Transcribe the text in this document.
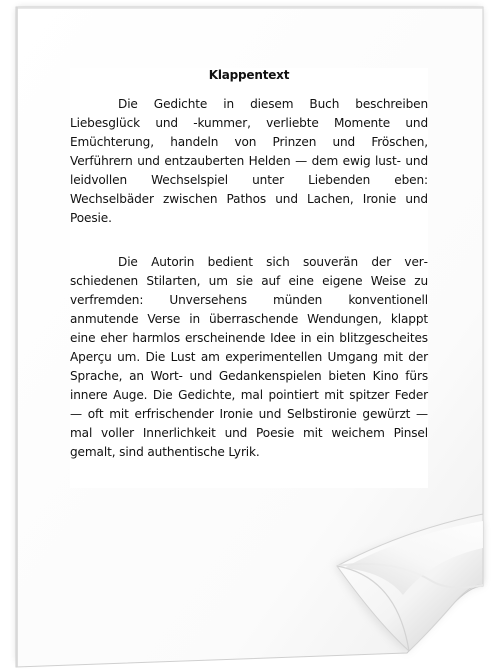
Klappentext

Die Gedichte in diesem Buch beschreiben Liebesglück und -kummer, verliebte Momente und Emüchterung, handeln von Prinzen und Fröschen, Verführern und entzauberten Helden — dem ewig lust- und leidvollen Wechselspiel unter Liebenden eben: Wechselbäder zwischen Pathos und Lachen, Ironie und Poesie.

Die Autorin bedient sich souverän der verschiedenen Stilarten, um sie auf eine eigene Weise zu verfremden: Unversehens münden konventionell anmutende Verse in überraschende Wendungen, klappt eine eher harmlos erscheinende Idee in ein blitzgescheites Aperçu um. Die Lust am experimentellen Umgang mit der Sprache, an Wort- und Gedankenspielen bieten Kino fürs innere Auge. Die Gedichte, mal pointiert mit spitzer Feder — oft mit erfrischender Ironie und Selbstironie gewürzt — mal voller Innerlichkeit und Poesie mit weichem Pinsel gemalt, sind authentische Lyrik.
